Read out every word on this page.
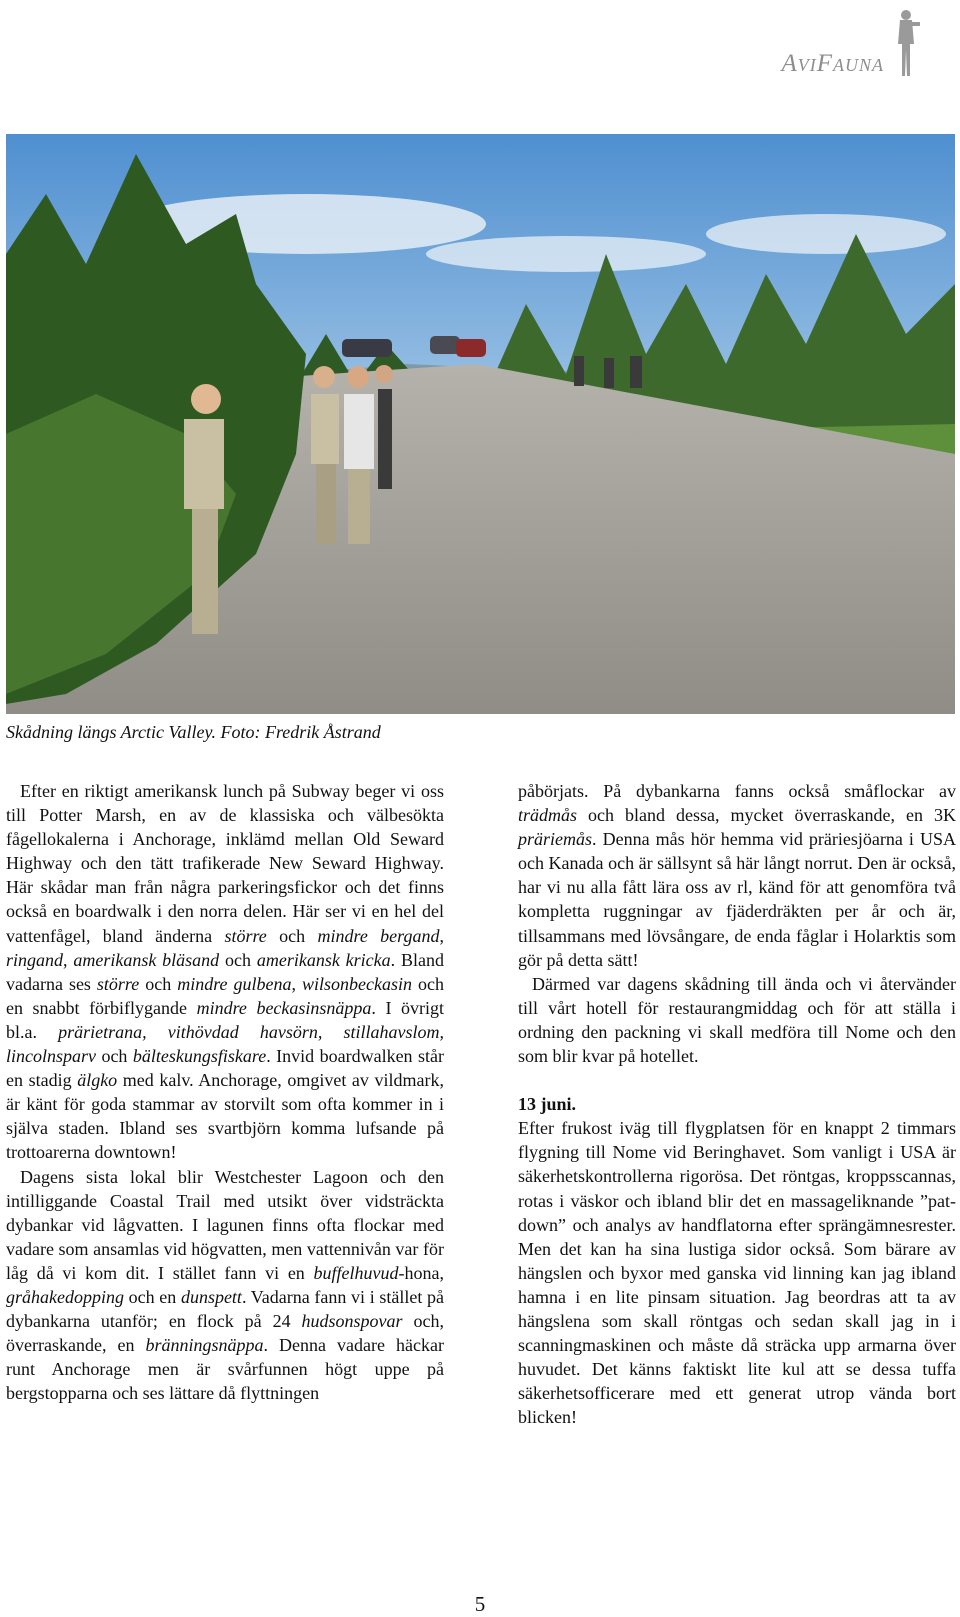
AviFauna
Skådning längs Arctic Valley. Foto: Fredrik Åstrand

Efter en riktigt amerikansk lunch på Subway beger vi oss till Potter Marsh, en av de klassiska och välbesökta fågellokalerna i Anchorage, inklämd mellan Old Seward Highway och den tätt trafikerade New Seward Highway. Här skådar man från några parkeringsfickor och det finns också en boardwalk i den norra delen. Här ser vi en hel del vattenfågel, bland änderna större och mindre bergand, ringand, amerikansk bläsand och amerikansk kricka. Bland vadarna ses större och mindre gulbena, wilsonbeckasin och en snabbt förbiflygande mindre beckasinsnäppa. I övrigt bl.a. prärietrana, vithövdad havsörn, stillahavslom, lincolnsparv och bälteskungsfiskare. Invid boardwalken står en stadig älgko med kalv. Anchorage, omgivet av vildmark, är känt för goda stammar av storvilt som ofta kommer in i själva staden. Ibland ses svartbjörn komma lufsande på trottoarerna downtown!

Dagens sista lokal blir Westchester Lagoon och den intilliggande Coastal Trail med utsikt över vidsträckta dybankar vid lågvatten. I lagunen finns ofta flockar med vadare som ansamlas vid högvatten, men vattennivån var för låg då vi kom dit. I stället fann vi en buffelhuvud-hona, gråhakedopping och en dunspett. Vadarna fann vi i stället på dybankarna utanför; en flock på 24 hudsonspovar och, överraskande, en bränningsnäppa. Denna vadare häckar runt Anchorage men är svårfunnen högt uppe på bergstopparna och ses lättare då flyttningen

påbörjats. På dybankarna fanns också småflockar av trädmås och bland dessa, mycket överraskande, en 3K präriemås. Denna mås hör hemma vid präriesjöarna i USA och Kanada och är sällsynt så här långt norrut. Den är också, har vi nu alla fått lära oss av rl, känd för att genomföra två kompletta ruggningar av fjäderdräkten per år och är, tillsammans med lövsångare, de enda fåglar i Holarktis som gör på detta sätt!

Därmed var dagens skådning till ända och vi återvänder till vårt hotell för restaurangmiddag och för att ställa i ordning den packning vi skall medföra till Nome och den som blir kvar på hotellet.

13 juni.

Efter frukost iväg till flygplatsen för en knappt 2 timmars flygning till Nome vid Beringhavet. Som vanligt i USA är säkerhetskontrollerna rigorösa. Det röntgas, kroppsscannas, rotas i väskor och ibland blir det en massageliknande ”pat-down” och analys av handflatorna efter sprängämnesrester. Men det kan ha sina lustiga sidor också. Som bärare av hängslen och byxor med ganska vid linning kan jag ibland hamna i en lite pinsam situation. Jag beordras att ta av hängslena som skall röntgas och sedan skall jag in i scanningmaskinen och måste då sträcka upp armarna över huvudet. Det känns faktiskt lite kul att se dessa tuffa säkerhetsofficerare med ett generat utrop vända bort blicken!

5
